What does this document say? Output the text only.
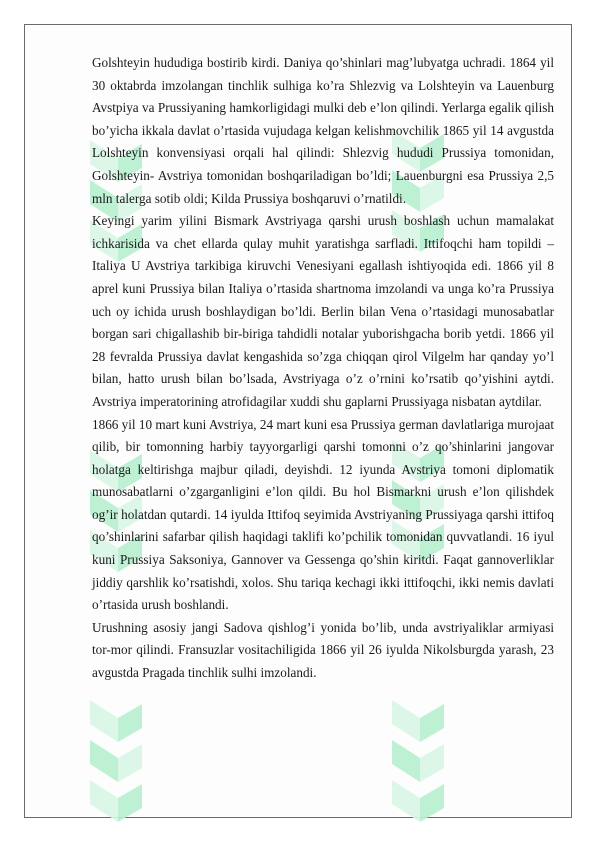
Golshteyin hududiga bostirib kirdi. Daniya qo’shinlari mag’lubyatga uchradi. 1864 yil 30 oktabrda imzolangan tinchlik sulhiga ko’ra Shlezvig va Lolshteyin va Lauenburg Avstpiya va Prussiyaning hamkorligidagi mulki deb e’lon qilindi. Yerlarga egalik qilish bo’yicha ikkala davlat o’rtasida vujudaga kelgan kelishmovchilik 1865 yil 14 avgustda Lolshteyin konvensiyasi orqali hal qilindi: Shlezvig hududi Prussiya tomonidan, Golshteyin- Avstriya tomonidan boshqariladigan bo’ldi; Lauenburgni esa Prussiya 2,5 mln talerga sotib oldi; Kilda Prussiya boshqaruvi o’rnatildi.

Keyingi yarim yilini Bismark Avstriyaga qarshi urush boshlash uchun mamalakat ichkarisida va chet ellarda qulay muhit yaratishga sarfladi. Ittifoqchi ham topildi – Italiya U Avstriya tarkibiga kiruvchi Venesiyani egallash ishtiyoqida edi. 1866 yil 8 aprel kuni Prussiya bilan Italiya o’rtasida shartnoma imzolandi va unga ko’ra Prussiya uch oy ichida urush boshlaydigan bo’ldi. Berlin bilan Vena o’rtasidagi munosabatlar borgan sari chigallashib bir-biriga tahdidli notalar yuborishgacha borib yetdi. 1866 yil 28 fevralda Prussiya davlat kengashida so’zga chiqqan qirol Vilgelm har qanday yo’l bilan, hatto urush bilan bo’lsada, Avstriyaga o’z o’rnini ko’rsatib qo’yishini aytdi. Avstriya imperatorining atrofidagilar xuddi shu gaplarni Prussiyaga nisbatan aytdilar.

1866 yil 10 mart kuni Avstriya, 24 mart kuni esa Prussiya german davlatlariga murojaat qilib, bir tomonning harbiy tayyorgarligi qarshi tomonni o’z qo’shinlarini jangovar holatga keltirishga majbur qiladi, deyishdi. 12 iyunda Avstriya tomoni diplomatik munosabatlarni o’zgarganligini e’lon qildi. Bu hol Bismarkni urush e’lon qilishdek og’ir holatdan qutardi. 14 iyulda Ittifoq seyimida Avstriyaning Prussiyaga qarshi ittifoq qo’shinlarini safarbar qilish haqidagi taklifi ko’pchilik tomonidan quvvatlandi. 16 iyul kuni Prussiya Saksoniya, Gannover va Gessenga qo’shin kiritdi. Faqat gannoverliklar jiddiy qarshlik ko’rsatishdi, xolos. Shu tariqa kechagi ikki ittifoqchi, ikki nemis davlati o’rtasida urush boshlandi.

Urushning asosiy jangi Sadova qishlog’i yonida bo’lib, unda avstriyaliklar armiyasi tor-mor qilindi. Fransuzlar vositachiligida 1866 yil 26 iyulda Nikolsburgda yarash, 23 avgustda Pragada tinchlik sulhi imzolandi.
